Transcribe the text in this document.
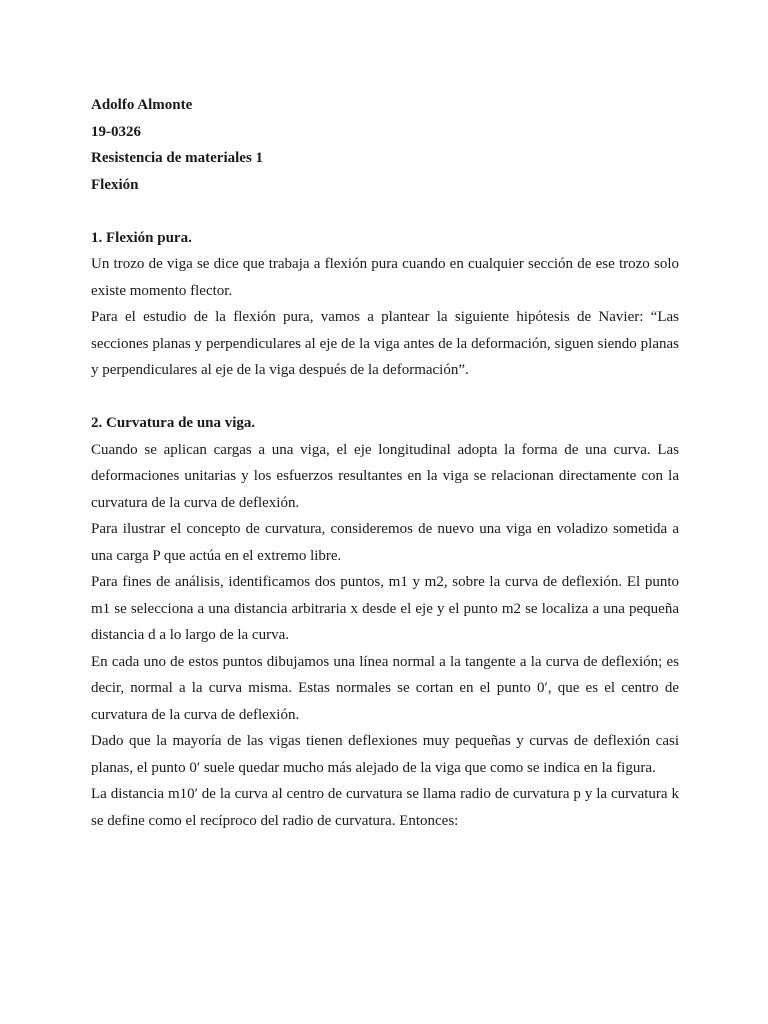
Adolfo Almonte

19-0326

Resistencia de materiales 1

Flexión

1. Flexión pura.

Un trozo de viga se dice que trabaja a flexión pura cuando en cualquier sección de ese trozo solo existe momento flector.

Para el estudio de la flexión pura, vamos a plantear la siguiente hipótesis de Navier: “Las secciones planas y perpendiculares al eje de la viga antes de la deformación, siguen siendo planas y perpendiculares al eje de la viga después de la deformación”.

2. Curvatura de una viga.

Cuando se aplican cargas a una viga, el eje longitudinal adopta la forma de una curva. Las deformaciones unitarias y los esfuerzos resultantes en la viga se relacionan directamente con la curvatura de la curva de deflexión.

Para ilustrar el concepto de curvatura, consideremos de nuevo una viga en voladizo sometida a una carga P que actúa en el extremo libre.

Para fines de análisis, identificamos dos puntos, m1 y m2, sobre la curva de deflexión. El punto m1 se selecciona a una distancia arbitraria x desde el eje y el punto m2 se localiza a una pequeña distancia d a lo largo de la curva.

En cada uno de estos puntos dibujamos una línea normal a la tangente a la curva de deflexión; es decir, normal a la curva misma. Estas normales se cortan en el punto 0′, que es el centro de curvatura de la curva de deflexión.

Dado que la mayoría de las vigas tienen deflexiones muy pequeñas y curvas de deflexión casi planas, el punto 0′ suele quedar mucho más alejado de la viga que como se indica en la figura.

La distancia m10′ de la curva al centro de curvatura se llama radio de curvatura p y la curvatura k se define como el recíproco del radio de curvatura. Entonces:
